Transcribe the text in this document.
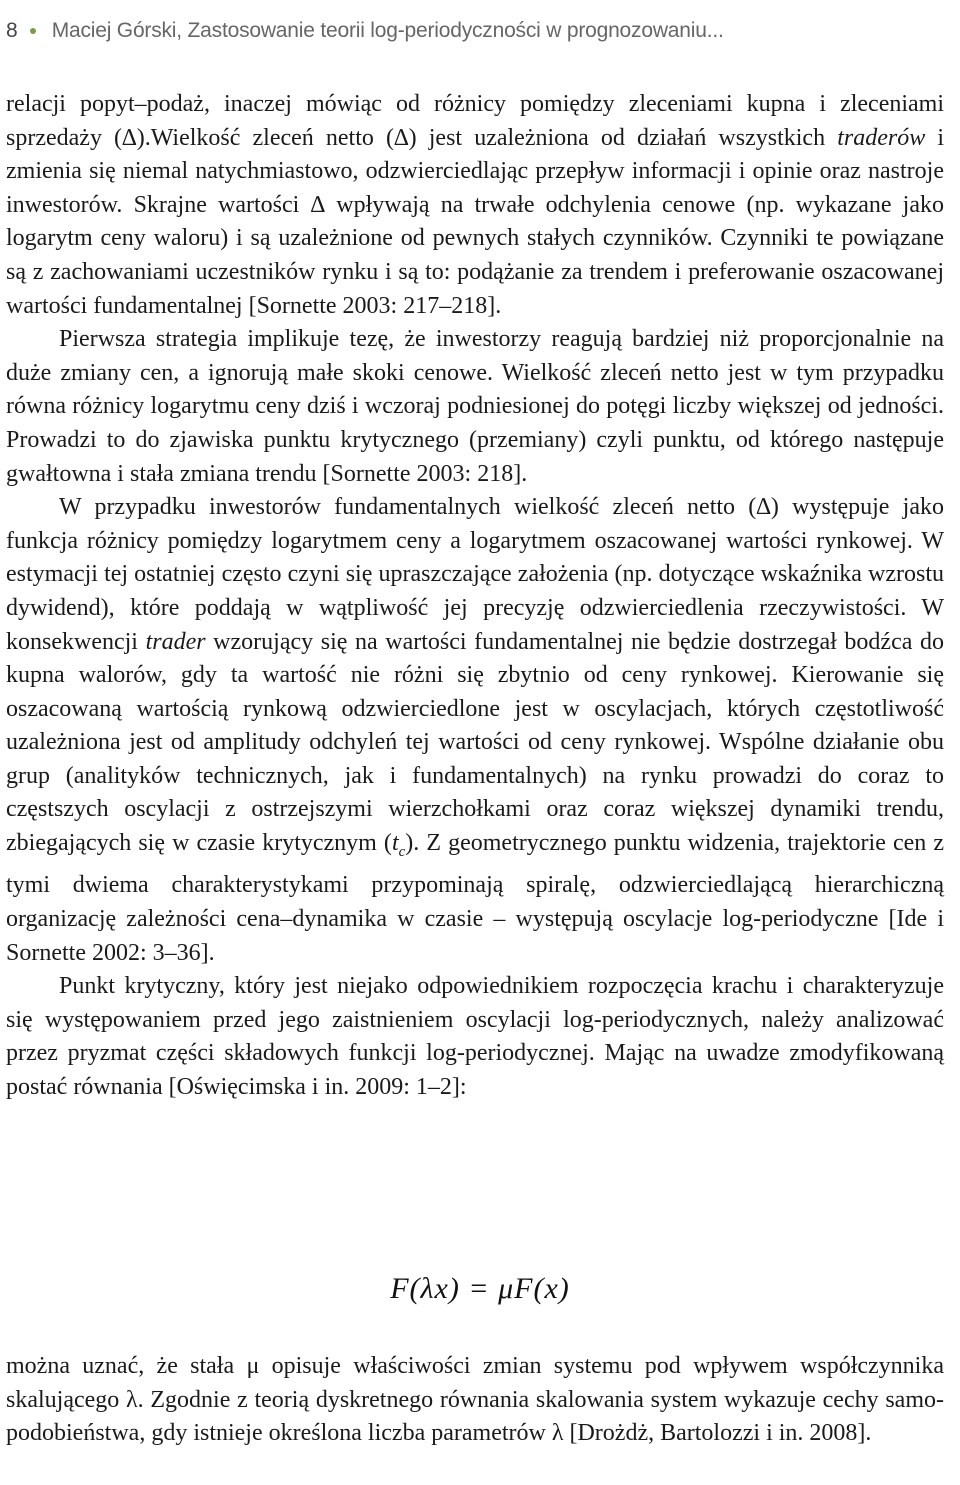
8 Maciej Górski, Zastosowanie teorii log-periodyczności w prognozowaniu...

relacji popyt–podaż, inaczej mówiąc od różnicy pomiędzy zleceniami kupna i zleceniami sprzedaży (∆).Wielkość zleceń netto (∆) jest uzależniona od działań wszystkich traderów i zmienia się niemal natychmiastowo, odzwierciedlając przepływ informacji i opinie oraz nastroje inwestorów. Skrajne wartości ∆ wpływają na trwałe odchylenia cenowe (np. wykazane jako logarytm ceny waloru) i są uzależnione od pewnych stałych czynników. Czynniki te powiązane są z zachowaniami uczestników rynku i są to: podążanie za trendem i preferowanie oszacowanej wartości fundamentalnej [Sornette 2003: 217–218].

Pierwsza strategia implikuje tezę, że inwestorzy reagują bardziej niż proporcjonalnie na duże zmiany cen, a ignorują małe skoki cenowe. Wielkość zleceń netto jest w tym przypadku równa różnicy logarytmu ceny dziś i wczoraj podniesionej do potęgi liczby większej od jedności. Prowadzi to do zjawiska punktu krytycznego (przemiany) czyli punktu, od którego następuje gwałtowna i stała zmiana trendu [Sornette 2003: 218].

W przypadku inwestorów fundamentalnych wielkość zleceń netto (∆) występuje jako funkcja różnicy pomiędzy logarytmem ceny a logarytmem oszacowanej wartości rynkowej. W estymacji tej ostatniej często czyni się upraszczające założenia (np. dotyczące wskaźnika wzrostu dywidend), które poddają w wątpliwość jej precyzję odzwierciedlenia rzeczywistości. W konsekwencji trader wzorujący się na wartości fundamentalnej nie będzie dostrzegał bodźca do kupna walorów, gdy ta wartość nie różni się zbytnio od ceny rynkowej. Kierowanie się oszacowaną wartością rynkową odzwierciedlone jest w oscylacjach, których częstotliwość uzależniona jest od amplitudy odchyleń tej wartości od ceny rynkowej. Wspólne działanie obu grup (analityków technicznych, jak i fundamentalnych) na rynku prowadzi do coraz to częstszych oscylacji z ostrzejszymi wierzchołkami oraz coraz większej dynamiki trendu, zbiegających się w czasie krytycznym $(t_c)$. Z geometrycznego punktu widzenia, trajektorie cen z tymi dwiema charakterystykami przypominają spiralę, odzwierciedlającą hierarchiczną organizację zależności cena–dynamika w czasie – występują oscylacje log-periodyczne [Ide i Sornette 2002: 3–36].

Punkt krytyczny, który jest niejako odpowiednikiem rozpoczęcia krachu i charakteryzuje się występowaniem przed jego zaistnieniem oscylacji log-periodycznych, należy analizować przez pryzmat części składowych funkcji log-periodycznej. Mając na uwadze zmodyfikowaną postać równania [Oświęcimska i in. 2009: 1–2]:

F(λx) = μF(x)

można uznać, że stała μ opisuje właściwości zmian systemu pod wpływem współczynnika skalującego λ. Zgodnie z teorią dyskretnego równania skalowania system wykazuje cechy samo-podobieństwa, gdy istnieje określona liczba parametrów λ [Drożdż, Bartolozzi i in. 2008].
